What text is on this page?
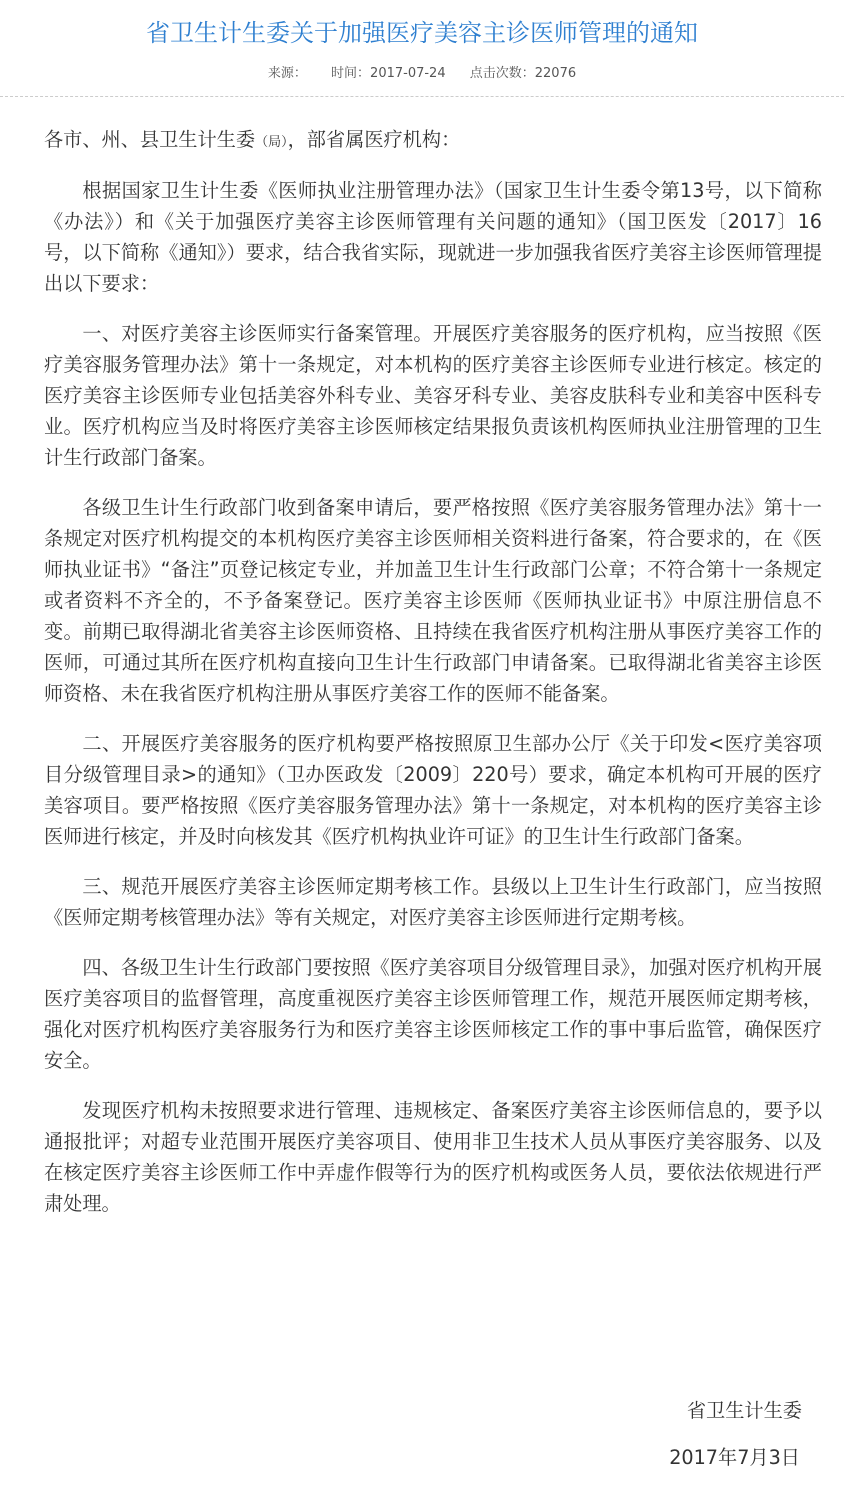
省卫生计生委关于加强医疗美容主诊医师管理的通知
来源： 时间：2017-07-24 点击次数：22076

各市、州、县卫生计生委（局），部省属医疗机构：

根据国家卫生计生委《医师执业注册管理办法》（国家卫生计生委令第13号，以下简称《办法》）和《关于加强医疗美容主诊医师管理有关问题的通知》（国卫医发〔2017〕16号，以下简称《通知》）要求，结合我省实际，现就进一步加强我省医疗美容主诊医师管理提出以下要求：

一、对医疗美容主诊医师实行备案管理。开展医疗美容服务的医疗机构，应当按照《医疗美容服务管理办法》第十一条规定，对本机构的医疗美容主诊医师专业进行核定。核定的医疗美容主诊医师专业包括美容外科专业、美容牙科专业、美容皮肤科专业和美容中医科专业。医疗机构应当及时将医疗美容主诊医师核定结果报负责该机构医师执业注册管理的卫生计生行政部门备案。

各级卫生计生行政部门收到备案申请后，要严格按照《医疗美容服务管理办法》第十一条规定对医疗机构提交的本机构医疗美容主诊医师相关资料进行备案，符合要求的，在《医师执业证书》“备注”页登记核定专业，并加盖卫生计生行政部门公章；不符合第十一条规定或者资料不齐全的，不予备案登记。医疗美容主诊医师《医师执业证书》中原注册信息不变。前期已取得湖北省美容主诊医师资格、且持续在我省医疗机构注册从事医疗美容工作的医师，可通过其所在医疗机构直接向卫生计生行政部门申请备案。已取得湖北省美容主诊医师资格、未在我省医疗机构注册从事医疗美容工作的医师不能备案。

二、开展医疗美容服务的医疗机构要严格按照原卫生部办公厅《关于印发<医疗美容项目分级管理目录>的通知》（卫办医政发〔2009〕220号）要求，确定本机构可开展的医疗美容项目。要严格按照《医疗美容服务管理办法》第十一条规定，对本机构的医疗美容主诊医师进行核定，并及时向核发其《医疗机构执业许可证》的卫生计生行政部门备案。

三、规范开展医疗美容主诊医师定期考核工作。县级以上卫生计生行政部门，应当按照《医师定期考核管理办法》等有关规定，对医疗美容主诊医师进行定期考核。

四、各级卫生计生行政部门要按照《医疗美容项目分级管理目录》，加强对医疗机构开展医疗美容项目的监督管理，高度重视医疗美容主诊医师管理工作，规范开展医师定期考核，强化对医疗机构医疗美容服务行为和医疗美容主诊医师核定工作的事中事后监管，确保医疗安全。

发现医疗机构未按照要求进行管理、违规核定、备案医疗美容主诊医师信息的，要予以通报批评；对超专业范围开展医疗美容项目、使用非卫生技术人员从事医疗美容服务、以及在核定医疗美容主诊医师工作中弄虚作假等行为的医疗机构或医务人员，要依法依规进行严肃处理。

省卫生计生委
2017年7月3日
